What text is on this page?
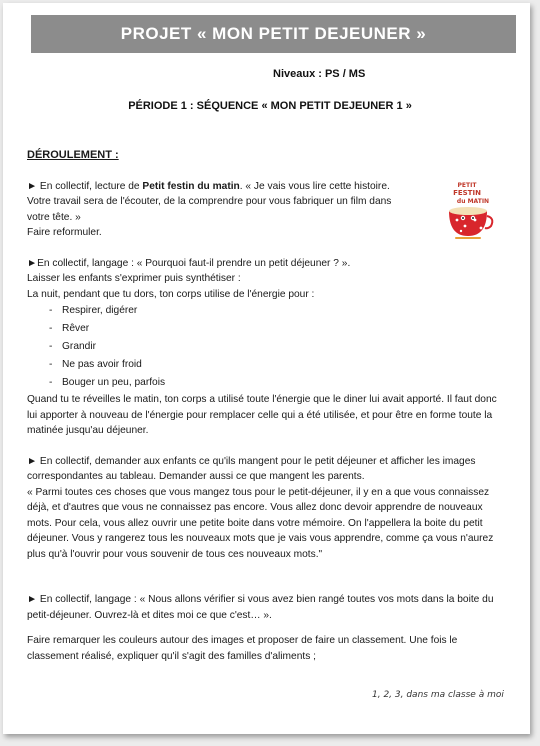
PROJET « MON PETIT DEJEUNER »
Niveaux : PS / MS
PÉRIODE 1 : SÉQUENCE « MON PETIT DEJEUNER 1 »

DÉROULEMENT :

► En collectif, lecture de Petit festin du matin. « Je vais vous lire cette histoire. Votre travail sera de l'écouter, de la comprendre pour vous fabriquer un film dans votre tête. »

Faire reformuler.

►En collectif, langage : « Pourquoi faut-il prendre un petit déjeuner ? ».

Laisser les enfants s'exprimer puis synthétiser :

La nuit, pendant que tu dors, ton corps utilise de l'énergie pour :

- Respirer, digérer
- Rêver
- Grandir
- Ne pas avoir froid
- Bouger un peu, parfois

Quand tu te réveilles le matin, ton corps a utilisé toute l'énergie que le diner lui avait apporté. Il faut donc lui apporter à nouveau de l'énergie pour remplacer celle qui a été utilisée, et pour être en forme toute la matinée jusqu'au déjeuner.

► En collectif, demander aux enfants ce qu'ils mangent pour le petit déjeuner et afficher les images correspondantes au tableau. Demander aussi ce que mangent les parents.

« Parmi toutes ces choses que vous mangez tous pour le petit-déjeuner, il y en a que vous connaissez déjà, et d'autres que vous ne connaissez pas encore. Vous allez donc devoir apprendre de nouveaux mots. Pour cela, vous allez ouvrir une petite boite dans votre mémoire. On l'appellera la boite du petit déjeuner. Vous y rangerez tous les nouveaux mots que je vais vous apprendre, comme ça vous n'aurez plus qu'à l'ouvrir pour vous souvenir de tous ces nouveaux mots."

► En collectif, langage : « Nous allons vérifier si vous avez bien rangé toutes vos mots dans la boite du petit-déjeuner. Ouvrez-là et dites moi ce que c'est… ».

Faire remarquer les couleurs autour des images et proposer de faire un classement. Une fois le classement réalisé, expliquer qu'il s'agit des familles d'aliments ;

PETIT
FESTIN
du MATIN
1, 2, 3, dans ma classe à moi
